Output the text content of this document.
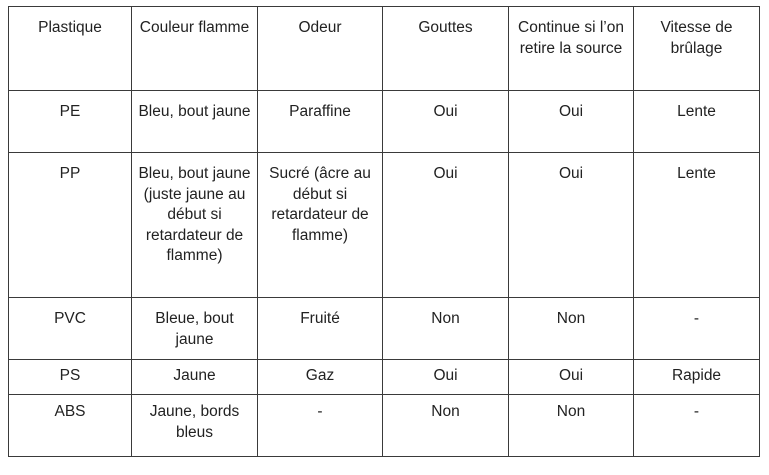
Plastique	Couleur flamme	Odeur	Gouttes	Continue si l’on retire la source	Vitesse de brûlage
PE	Bleu, bout jaune	Paraffine	Oui	Oui	Lente
PP	Bleu, bout jaune (juste jaune au début si retardateur de flamme)	Sucré (âcre au début si retardateur de flamme)	Oui	Oui	Lente
PVC	Bleue, bout jaune	Fruité	Non	Non	-
PS	Jaune	Gaz	Oui	Oui	Rapide
ABS	Jaune, bords bleus	-	Non	Non	-
